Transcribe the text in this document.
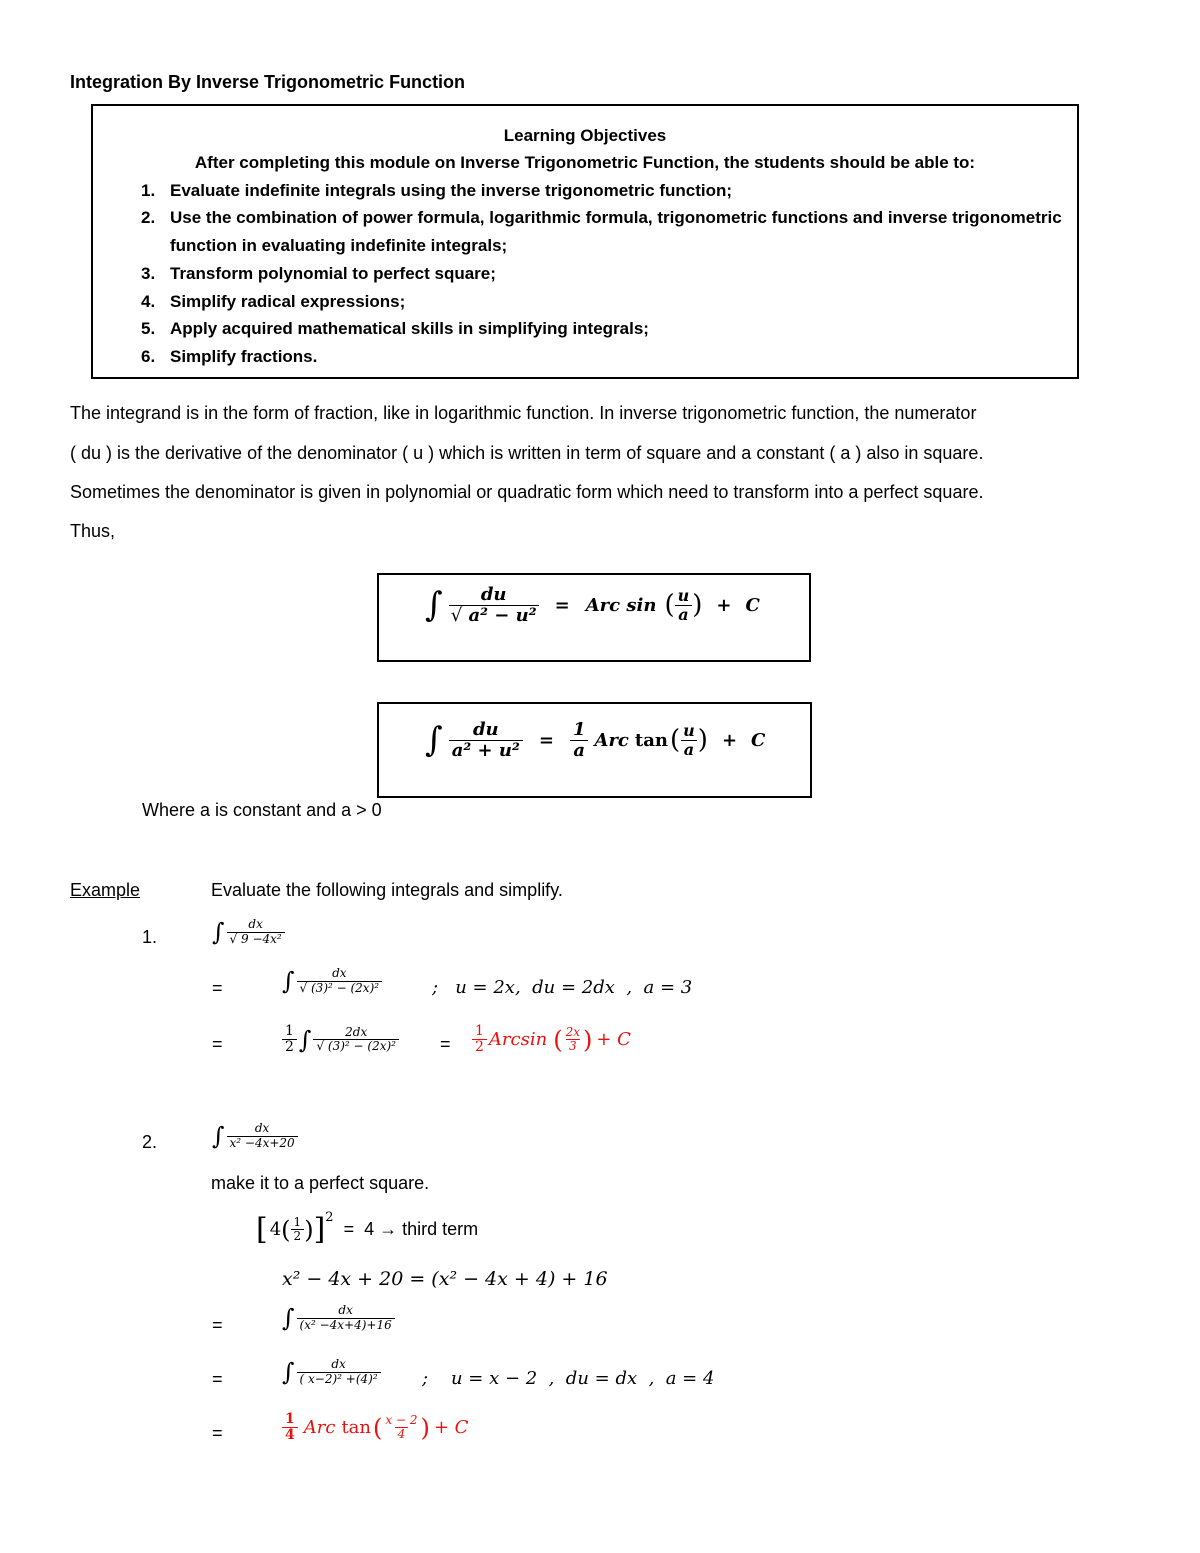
Integration By Inverse Trigonometric Function
Learning Objectives
After completing this module on Inverse Trigonometric Function, the students should be able to:
1. Evaluate indefinite integrals using the inverse trigonometric function;
2. Use the combination of power formula, logarithmic formula, trigonometric functions and inverse trigonometric
function in evaluating indefinite integrals;
3. Transform polynomial to perfect square;
4. Simplify radical expressions;
5. Apply acquired mathematical skills in simplifying integrals;
6. Simplify fractions.
The integrand is in the form of fraction, like in logarithmic function. In inverse trigonometric function, the numerator
( du ) is the derivative of the denominator ( u ) which is written in term of square and a constant ( a ) also in square.
Sometimes the denominator is given in polynomial or quadratic form which need to transform into a perfect square.
Thus,
∫ $\frac{du}{\text{√ a² − u²}}$ = Arc sin ( $\frac{u}{a}$ ) + C
∫ $\frac{du}{\text{a² + u²}} = \frac{1}{a}$ Arc tan ( $\frac{u}{a}$ ) + C
Where a is constant and a > 0
Example	Evaluate the following integrals and simplify.
1. ∫ $\frac{dx}{\text{√ 9 −4x²}}$
= ∫ $\frac{dx}{\text{√ (3)² − (2x)²}}$	;   u = 2x,  du = 2dx  ,  a = 3
=	$\frac{1}{2}$ ∫ $\frac{2dx}{\text{√ (3)² − (2x)²}} = \frac{1}{2}$ Arcsin ( $\frac{2x}{3}$ ) + C
2. ∫ $\frac{dx}{\text{x² −4x+20}}$
make it to a perfect square.
[ 4 ( $\frac{1}{2}$ ) ] 2
=  4 → third term
x² − 4x + 20 = (x² − 4x + 4) + 16
= ∫ $\frac{dx}{\text{(x² −4x+4)+16}}$
= ∫ $\frac{dx}{\text{( x−2)² +(4)²}}$ ;    u = x − 2  ,  du = dx  ,  a = 4
=	$\frac{1}{4}$ Arc tan ( $\frac{x - 2}{4}$ ) + C
